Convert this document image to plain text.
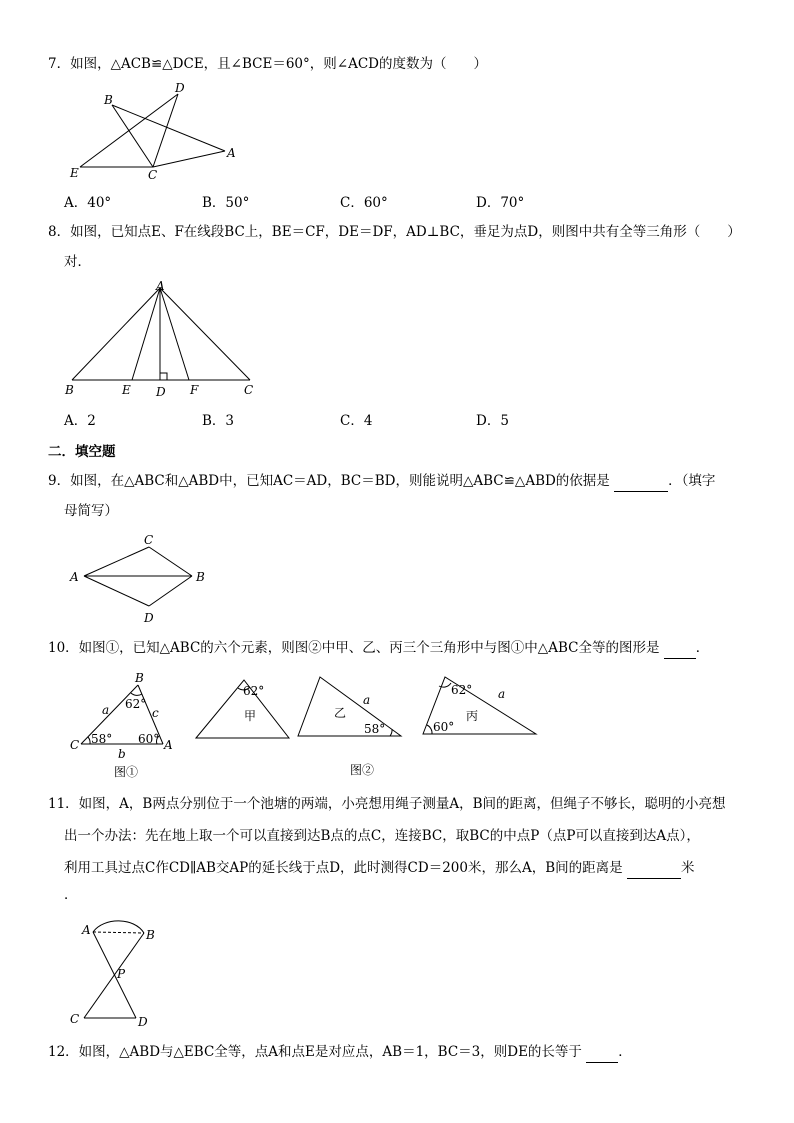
7．如图，△ACB≌△DCE，且∠BCE＝60°，则∠ACD的度数为（　　）
B
D
A
E	C
A．40°	B．50°	C．60°	D．70°
8．如图，已知点E、F在线段BC上，BE＝CF，DE＝DF，AD⊥BC，垂足为点D，则图中共有全等三角形（　　）
对．
A
B	E D F	C
A．2	B．3	C．4	D．5
二．填空题
9．如图，在△ABC和△ABD中，已知AC＝AD，BC＝BD，则能说明△ABC≌△ABD的依据是	．（填字
母简写）
C
A	B
D
10．如图①，已知△ABC的六个元素，则图②中甲、乙、丙三个三角形中与图①中△ABC全等的图形是	．
B
a	c
62°
C 58° 60° A
b
图①
62°
甲
a
乙
58°
62° a
丙
60°
图②
11．如图，A，B两点分别位于一个池塘的两端，小亮想用绳子测量A，B间的距离，但绳子不够长，聪明的小亮想
出一个办法：先在地上取一个可以直接到达B点的点C，连接BC，取BC的中点P（点P可以直接到达A点），
利用工具过点C作CD∥AB交AP的延长线于点D，此时测得CD＝200米，那么A，B间的距离是	米
．
A	B
P
C	D
12．如图，△ABD与△EBC全等，点A和点E是对应点，AB＝1，BC＝3，则DE的长等于	．
